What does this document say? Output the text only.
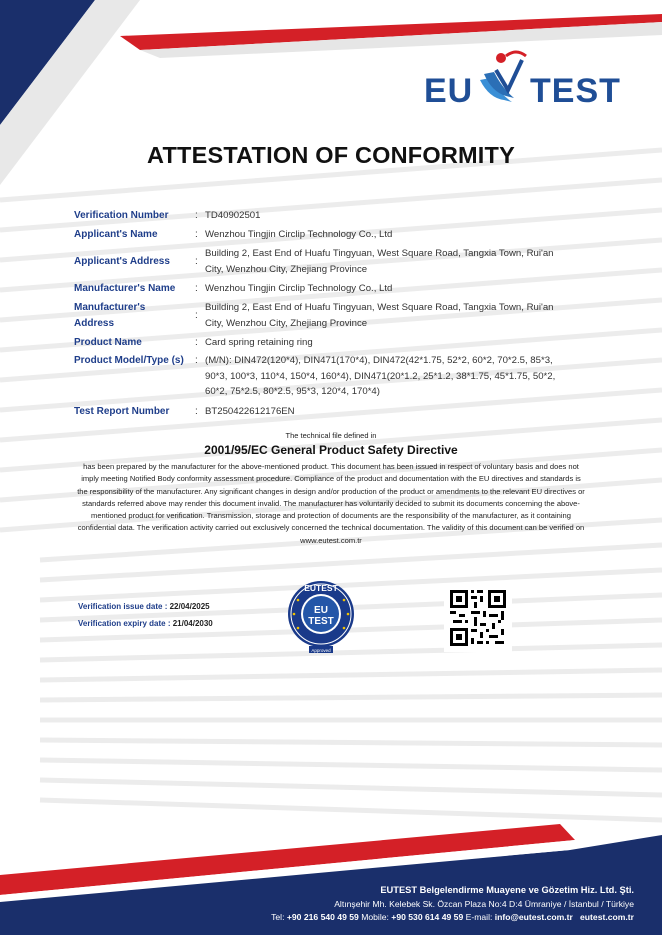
EU TEST
ATTESTATION OF CONFORMITY
Verification Number	: TD40902501
Applicant's Name	: Wenzhou Tingjin Circlip Technology Co., Ltd
Applicant's Address	:
Building 2, East End of Huafu Tingyuan, West Square Road, Tangxia Town, Rui'an City, Wenzhou City, Zhejiang Province
Manufacturer's Name	: Wenzhou Tingjin Circlip Technology Co., Ltd
Manufacturer's Address
:
Building 2, East End of Huafu Tingyuan, West Square Road, Tangxia Town, Rui'an City, Wenzhou City, Zhejiang Province
Product Name	: Card spring retaining ring
Product Model/Type (s)	: (M/N): DIN472(120*4), DIN471(170*4), DIN472(42*1.75, 52*2, 60*2, 70*2.5, 85*3, 90*3, 100*3, 110*4, 150*4, 160*4), DIN471(20*1.2, 25*1.2, 38*1.75, 45*1.75, 50*2, 60*2, 75*2.5, 80*2.5, 95*3, 120*4, 170*4)
Test Report Number	: BT250422612176EN
The technical file defined in
2001/95/EC General Product Safety Directive
has been prepared by the manufacturer for the above-mentioned product. This document has been issued in respect of voluntary basis and does not imply meeting Notified Body conformity assessment procedure. Compliance of the product and documentation with the EU directives and standards is the responsibility of the manufacturer. Any significant changes in design and/or production of the product or amendments to the relevant EU directives or standards referred above may render this document invalid. The manufacturer has voluntarily decided to submit its documents concerning the above-mentioned product for verification. Transmission, storage and protection of documents are the responsibility of the manufacturer, as it containing confidential data. The verification activity carried out exclusively concerned the technical documentation. The validity of this document can be verified on www.eutest.com.tr
Verification issue date : 22/04/2025
Verification expiry date : 21/04/2030
EUTEST
EU
TEST
Approved
EUTEST Belgelendirme Muayene ve Gözetim Hiz. Ltd. Şti.
Altınşehir Mh. Kelebek Sk. Özcan Plaza No:4 D:4 Ümraniye / İstanbul / Türkiye
Tel: +90 216 540 49 59 Mobile: +90 530 614 49 59 E-mail: info@eutest.com.tr eutest.com.tr
